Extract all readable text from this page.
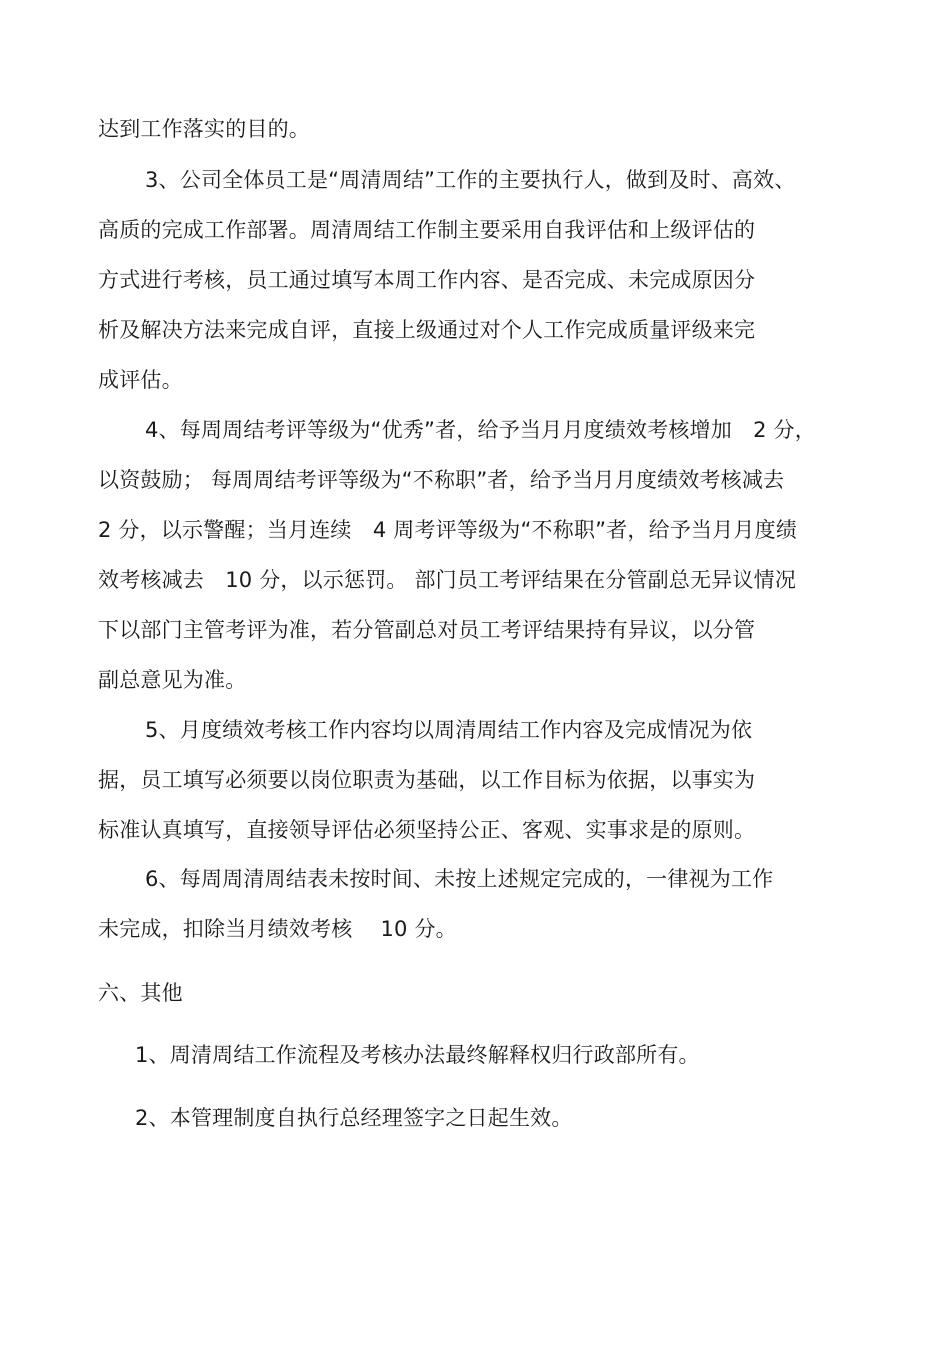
达到工作落实的目的。
3、公司全体员工是“周清周结”工作的主要执行人，做到及时、高效、
高质的完成工作部署。周清周结工作制主要采用自我评估和上级评估的
方式进行考核，员工通过填写本周工作内容、是否完成、未完成原因分
析及解决方法来完成自评，直接上级通过对个人工作完成质量评级来完
成评估。
4、每周周结考评等级为“优秀”者，给予当月月度绩效考核增加　2 分，
以资鼓励； 每周周结考评等级为“不称职”者，给予当月月度绩效考核减去
2 分，以示警醒；当月连续　4 周考评等级为“不称职”者，给予当月月度绩
效考核减去　10 分，以示惩罚。 部门员工考评结果在分管副总无异议情况
下以部门主管考评为准，若分管副总对员工考评结果持有异议，以分管
副总意见为准。
5、月度绩效考核工作内容均以周清周结工作内容及完成情况为依
据，员工填写必须要以岗位职责为基础，以工作目标为依据，以事实为
标准认真填写，直接领导评估必须坚持公正、客观、实事求是的原则。
6、每周周清周结表未按时间、未按上述规定完成的，一律视为工作
未完成，扣除当月绩效考核　 10 分。
六、其他
1、周清周结工作流程及考核办法最终解释权归行政部所有。
2、本管理制度自执行总经理签字之日起生效。
